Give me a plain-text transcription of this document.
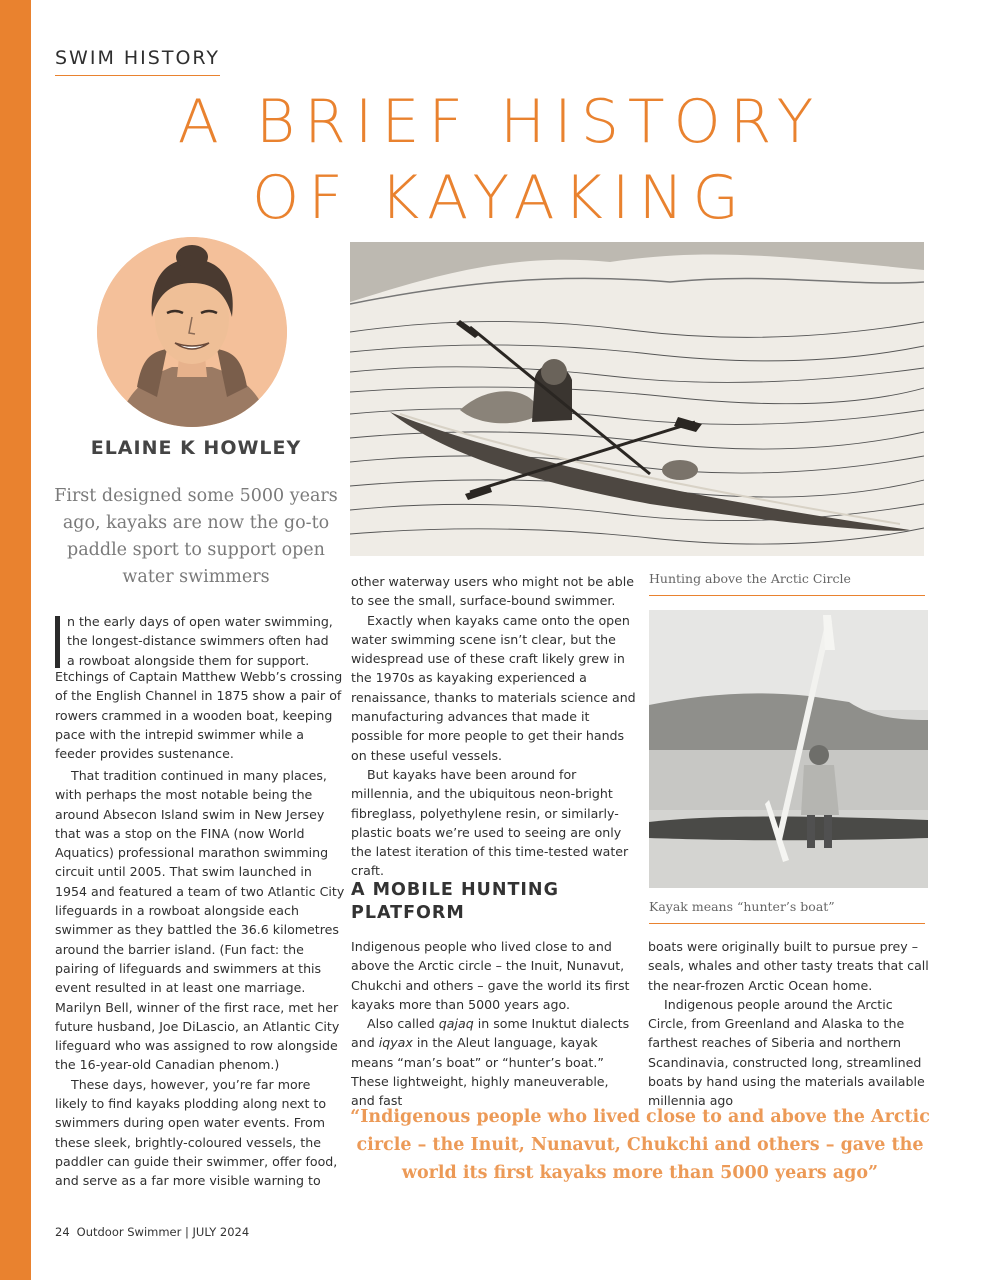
SWIM HISTORY
A BRIEF HISTORY
OF KAYAKING
ELAINE K HOWLEY
First designed some 5000 years ago, kayaks are now the go-to paddle sport to support open water swimmers	Hunting above the Arctic Circle
Kayak means “hunter’s boat”

n the early days of open water swimming, the longest-distance swimmers often had a rowboat alongside them for support.

Etchings of Captain Matthew Webb’s crossing of the English Channel in 1875 show a pair of rowers crammed in a wooden boat, keeping pace with the intrepid swimmer while a feeder provides sustenance.

That tradition continued in many places, with perhaps the most notable being the around Absecon Island swim in New Jersey that was a stop on the FINA (now World Aquatics) professional marathon swimming circuit until 2005. That swim launched in 1954 and featured a team of two Atlantic City lifeguards in a rowboat alongside each swimmer as they battled the 36.6 kilometres around the barrier island. (Fun fact: the pairing of lifeguards and swimmers at this event resulted in at least one marriage. Marilyn Bell, winner of the first race, met her future husband, Joe DiLascio, an Atlantic City lifeguard who was assigned to row alongside the 16-year-old Canadian phenom.)

These days, however, you’re far more likely to find kayaks plodding along next to swimmers during open water events. From these sleek, brightly-coloured vessels, the paddler can guide their swimmer, offer food, and serve as a far more visible warning to

other waterway users who might not be able to see the small, surface-bound swimmer.

Exactly when kayaks came onto the open water swimming scene isn’t clear, but the widespread use of these craft likely grew in the 1970s as kayaking experienced a renaissance, thanks to materials science and manufacturing advances that made it possible for more people to get their hands on these useful vessels.

But kayaks have been around for millennia, and the ubiquitous neon-bright fibreglass, polyethylene resin, or similarly-plastic boats we’re used to seeing are only the latest iteration of this time-tested water craft.

A MOBILE HUNTING PLATFORM

Indigenous people who lived close to and above the Arctic circle – the Inuit, Nunavut, Chukchi and others – gave the world its first kayaks more than 5000 years ago.

Also called qajaq in some Inuktut dialects and iqyax in the Aleut language, kayak means “man’s boat” or “hunter’s boat.” These lightweight, highly maneuverable, and fast

boats were originally built to pursue prey – seals, whales and other tasty treats that call the near-frozen Arctic Ocean home.

Indigenous people around the Arctic Circle, from Greenland and Alaska to the farthest reaches of Siberia and northern Scandinavia, constructed long, streamlined boats by hand using the materials available millennia ago

“Indigenous people who lived close to and above the Arctic circle – the Inuit, Nunavut, Chukchi and others – gave the world its first kayaks more than 5000 years ago”
24 Outdoor Swimmer | JULY 2024
